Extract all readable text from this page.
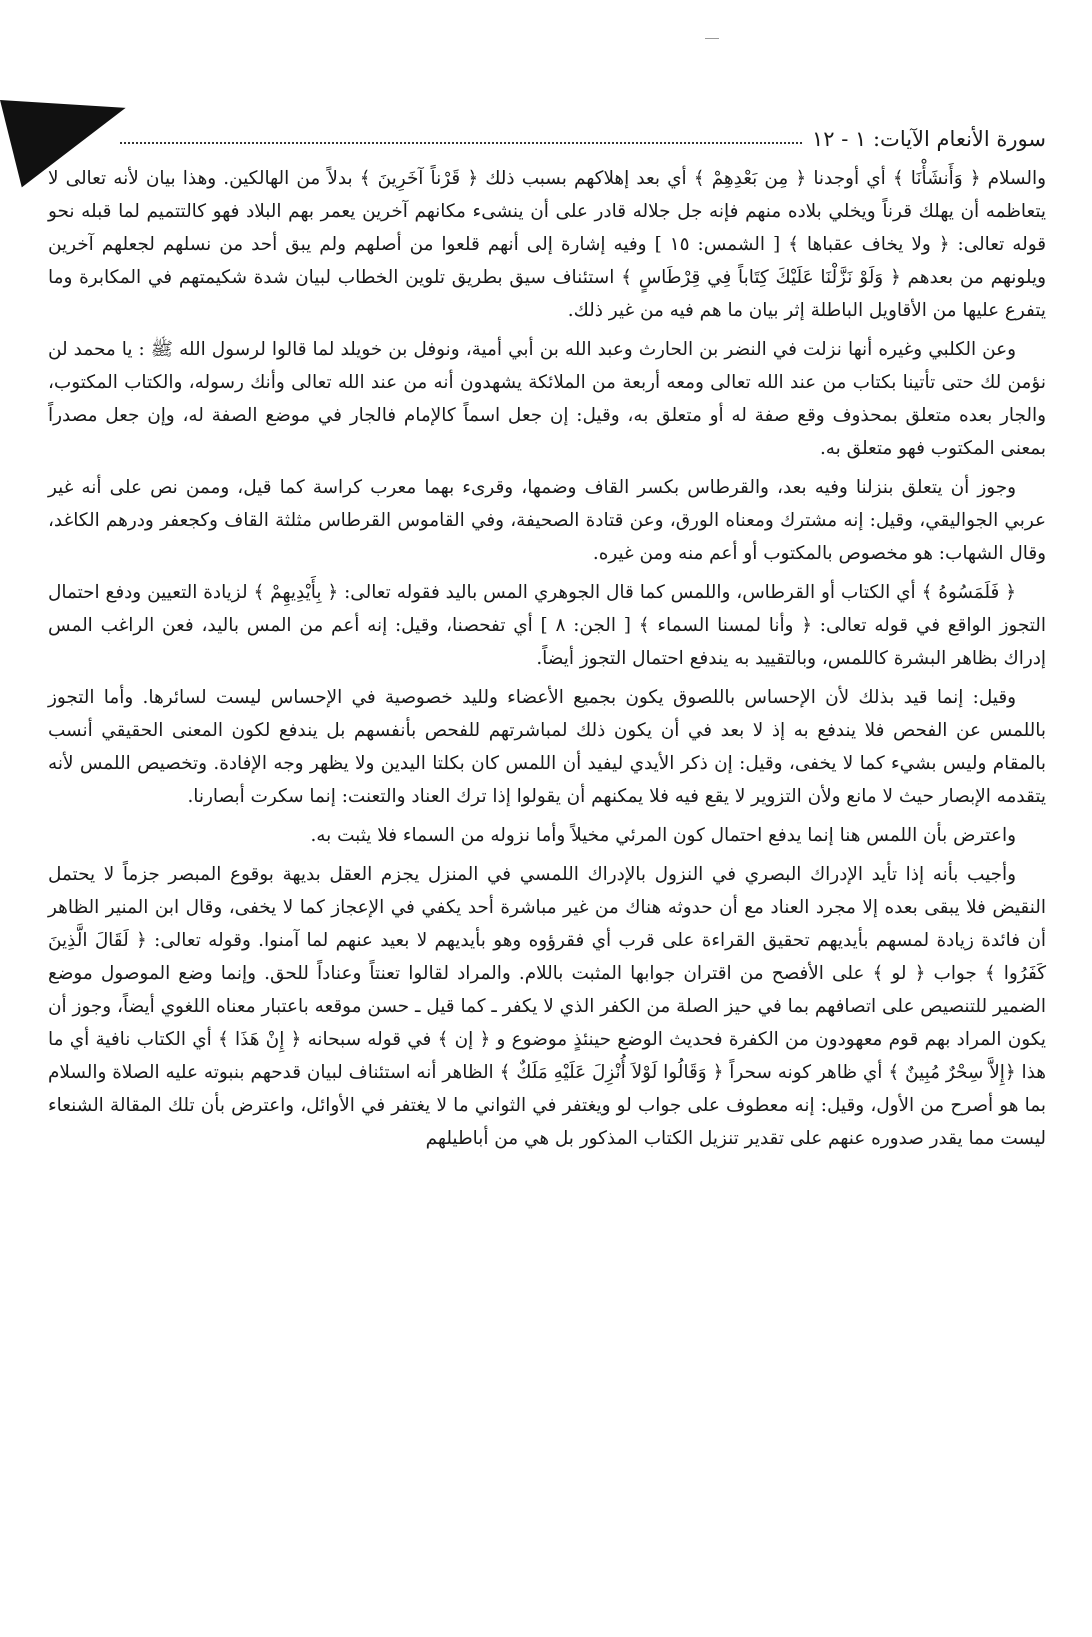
سورة الأنعام الآيات: ١ - ١٢

والسلام ﴿ وَأَنشَأْنَا ﴾ أي أوجدنا ﴿ مِن بَعْدِهِمْ ﴾ أي بعد إهلاكهم بسبب ذلك ﴿ قَرْناً آخَرِينَ ﴾ بدلاً من الهالكين. وهذا بيان لأنه تعالى لا يتعاظمه أن يهلك قرناً ويخلي بلاده منهم فإنه جل جلاله قادر على أن ينشىء مكانهم آخرين يعمر بهم البلاد فهو كالتتميم لما قبله نحو قوله تعالى: ﴿ ولا يخاف عقباها ﴾ [ الشمس: ١٥ ] وفيه إشارة إلى أنهم قلعوا من أصلهم ولم يبق أحد من نسلهم لجعلهم آخرين ويلونهم من بعدهم ﴿ وَلَوْ نَزَّلْنَا عَلَيْكَ كِتَاباً فِي قِرْطَاسٍ ﴾ استئناف سيق بطريق تلوين الخطاب لبيان شدة شكيمتهم في المكابرة وما يتفرع عليها من الأقاويل الباطلة إثر بيان ما هم فيه من غير ذلك.

وعن الكلبي وغيره أنها نزلت في النضر بن الحارث وعبد الله بن أبي أمية، ونوفل بن خويلد لما قالوا لرسول الله ﷺ : يا محمد لن نؤمن لك حتى تأتينا بكتاب من عند الله تعالى ومعه أربعة من الملائكة يشهدون أنه من عند الله تعالى وأنك رسوله، والكتاب المكتوب، والجار بعده متعلق بمحذوف وقع صفة له أو متعلق به، وقيل: إن جعل اسماً كالإمام فالجار في موضع الصفة له، وإن جعل مصدراً بمعنى المكتوب فهو متعلق به.

وجوز أن يتعلق بنزلنا وفيه بعد، والقرطاس بكسر القاف وضمها، وقرىء بهما معرب كراسة كما قيل، وممن نص على أنه غير عربي الجواليقي، وقيل: إنه مشترك ومعناه الورق، وعن قتادة الصحيفة، وفي القاموس القرطاس مثلثة القاف وكجعفر ودرهم الكاغد، وقال الشهاب: هو مخصوص بالمكتوب أو أعم منه ومن غيره.

﴿ فَلَمَسُوهُ ﴾ أي الكتاب أو القرطاس، واللمس كما قال الجوهري المس باليد فقوله تعالى: ﴿ بِأَيْدِيهِمْ ﴾ لزيادة التعيين ودفع احتمال التجوز الواقع في قوله تعالى: ﴿ وأنا لمسنا السماء ﴾ [ الجن: ٨ ] أي تفحصنا، وقيل: إنه أعم من المس باليد، فعن الراغب المس إدراك بظاهر البشرة كاللمس، وبالتقييد به يندفع احتمال التجوز أيضاً.

وقيل: إنما قيد بذلك لأن الإحساس باللصوق يكون بجميع الأعضاء ولليد خصوصية في الإحساس ليست لسائرها. وأما التجوز باللمس عن الفحص فلا يندفع به إذ لا بعد في أن يكون ذلك لمباشرتهم للفحص بأنفسهم بل يندفع لكون المعنى الحقيقي أنسب بالمقام وليس بشيء كما لا يخفى، وقيل: إن ذكر الأيدي ليفيد أن اللمس كان بكلتا اليدين ولا يظهر وجه الإفادة. وتخصيص اللمس لأنه يتقدمه الإبصار حيث لا مانع ولأن التزوير لا يقع فيه فلا يمكنهم أن يقولوا إذا ترك العناد والتعنت: إنما سكرت أبصارنا.

واعترض بأن اللمس هنا إنما يدفع احتمال كون المرئي مخيلاً وأما نزوله من السماء فلا يثبت به.

وأجيب بأنه إذا تأيد الإدراك البصري في النزول بالإدراك اللمسي في المنزل يجزم العقل بديهة بوقوع المبصر جزماً لا يحتمل النقيض فلا يبقى بعده إلا مجرد العناد مع أن حدوثه هناك من غير مباشرة أحد يكفي في الإعجاز كما لا يخفى، وقال ابن المنير الظاهر أن فائدة زيادة لمسهم بأيديهم تحقيق القراءة على قرب أي فقرؤوه وهو بأيديهم لا بعيد عنهم لما آمنوا. وقوله تعالى: ﴿ لَقَالَ الَّذِينَ كَفَرُوا ﴾ جواب ﴿ لو ﴾ على الأفصح من اقتران جوابها المثبت باللام. والمراد لقالوا تعنتاً وعناداً للحق. وإنما وضع الموصول موضع الضمير للتنصيص على اتصافهم بما في حيز الصلة من الكفر الذي لا يكفر ـ كما قيل ـ حسن موقعه باعتبار معناه اللغوي أيضاً، وجوز أن يكون المراد بهم قوم معهودون من الكفرة فحديث الوضع حينئذٍ موضوع و ﴿ إن ﴾ في قوله سبحانه ﴿ إِنْ هَذَا ﴾ أي الكتاب نافية أي ما هذا ﴿إِلاَّ سِحْرٌ مُبِينٌ ﴾ أي ظاهر كونه سحراً ﴿ وَقَالُوا لَوْلاَ أُنْزِلَ عَلَيْهِ مَلَكٌ ﴾ الظاهر أنه استئناف لبيان قدحهم بنبوته عليه الصلاة والسلام بما هو أصرح من الأول، وقيل: إنه معطوف على جواب لو ويغتفر في الثواني ما لا يغتفر في الأوائل، واعترض بأن تلك المقالة الشنعاء ليست مما يقدر صدوره عنهم على تقدير تنزيل الكتاب المذكور بل هي من أباطيلهم
